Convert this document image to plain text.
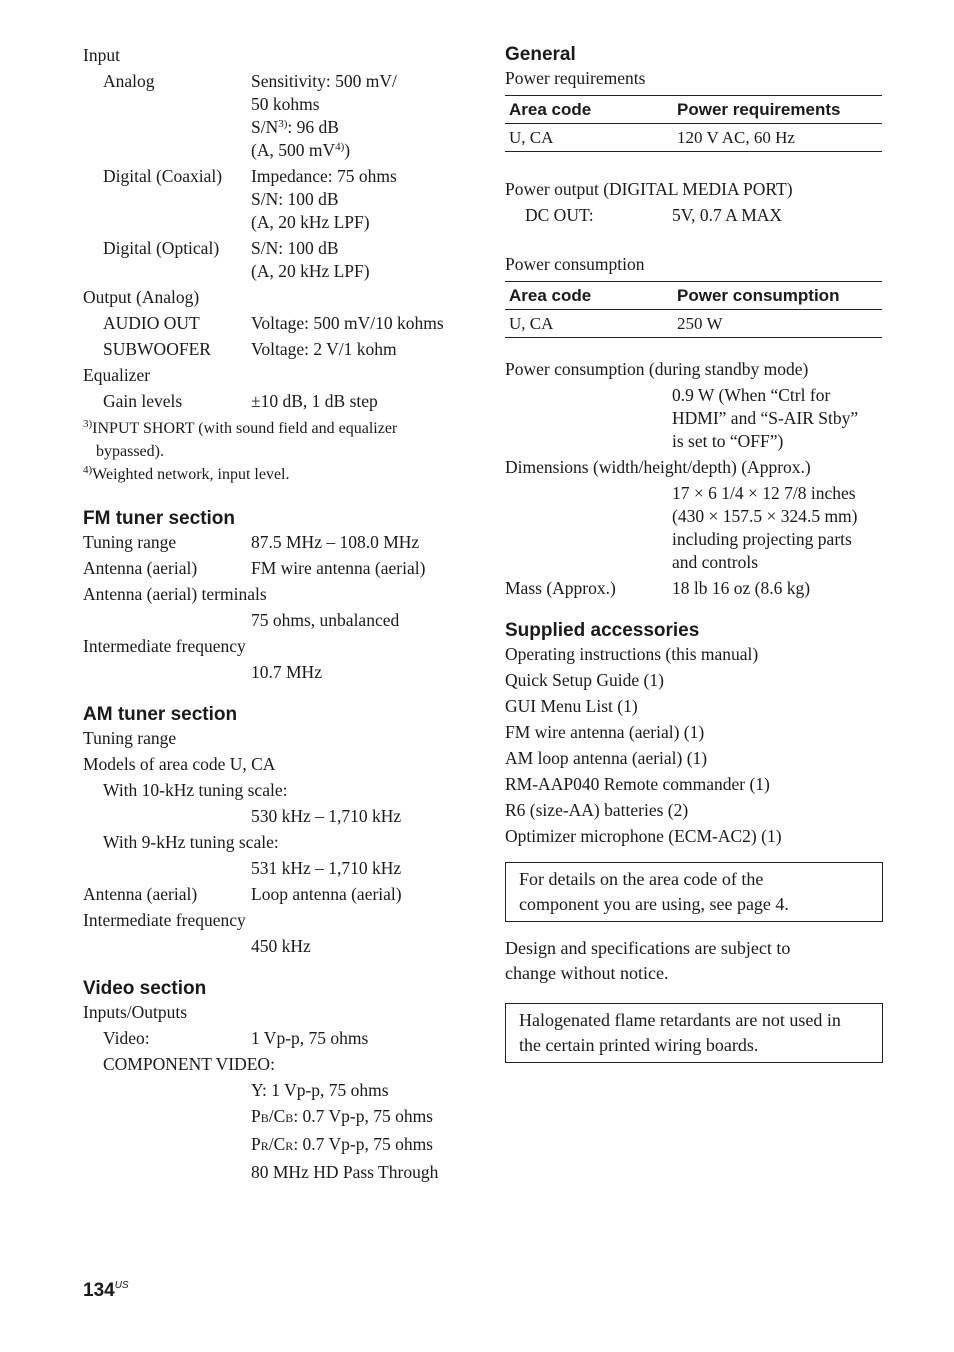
Input
Analog	Sensitivity: 500 mV/
50 kohms
$S/N^{3)}$: 96 dB
(A, 500 $mV^{4)}$)
Digital (Coaxial)	Impedance: 75 ohms
S/N: 100 dB
(A, 20 kHz LPF)
Digital (Optical)	S/N: 100 dB
(A, 20 kHz LPF)
Output (Analog)
AUDIO OUT	Voltage: 500 mV/10 kohms
SUBWOOFER	Voltage: 2 V/1 kohm
Equalizer
Gain levels	±10 dB, 1 dB step
$^{3)}$INPUT SHORT (with sound field and equalizer
bypassed).
$^{4)}$Weighted network, input level.
FM tuner section
Tuning range	87.5 MHz – 108.0 MHz
Antenna (aerial)	FM wire antenna (aerial)
Antenna (aerial) terminals
75 ohms, unbalanced
Intermediate frequency
10.7 MHz
AM tuner section
Tuning range
Models of area code U, CA
With 10-kHz tuning scale:
530 kHz – 1,710 kHz
With 9-kHz tuning scale:
531 kHz – 1,710 kHz
Antenna (aerial)	Loop antenna (aerial)
Intermediate frequency
450 kHz
Video section
Inputs/Outputs
Video:	1 Vp-p, 75 ohms
COMPONENT VIDEO:
Y: 1 Vp-p, 75 ohms
PB/CB: 0.7 Vp-p, 75 ohms
PR/CR: 0.7 Vp-p, 75 ohms
80 MHz HD Pass Through
General
Power requirements
Area code	Power requirements
U, CA	120 V AC, 60 Hz
Power output (DIGITAL MEDIA PORT)
DC OUT:	5V, 0.7 A MAX
Power consumption
Area code	Power consumption
U, CA	250 W
Power consumption (during standby mode)
0.9 W (When “Ctrl for
HDMI” and “S-AIR Stby”
is set to “OFF”)
Dimensions (width/height/depth) (Approx.)
17 × 6 1/4 × 12 7/8 inches
(430 × 157.5 × 324.5 mm)
including projecting parts
and controls
Mass (Approx.)	18 lb 16 oz (8.6 kg)
Supplied accessories
Operating instructions (this manual)
Quick Setup Guide (1)
GUI Menu List (1)
FM wire antenna (aerial) (1)
AM loop antenna (aerial) (1)
RM-AAP040 Remote commander (1)
R6 (size-AA) batteries (2)
Optimizer microphone (ECM-AC2) (1)
For details on the area code of the
component you are using, see page 4.
Design and specifications are subject to
change without notice.
Halogenated flame retardants are not used in
the certain printed wiring boards.
$134^{US}$
